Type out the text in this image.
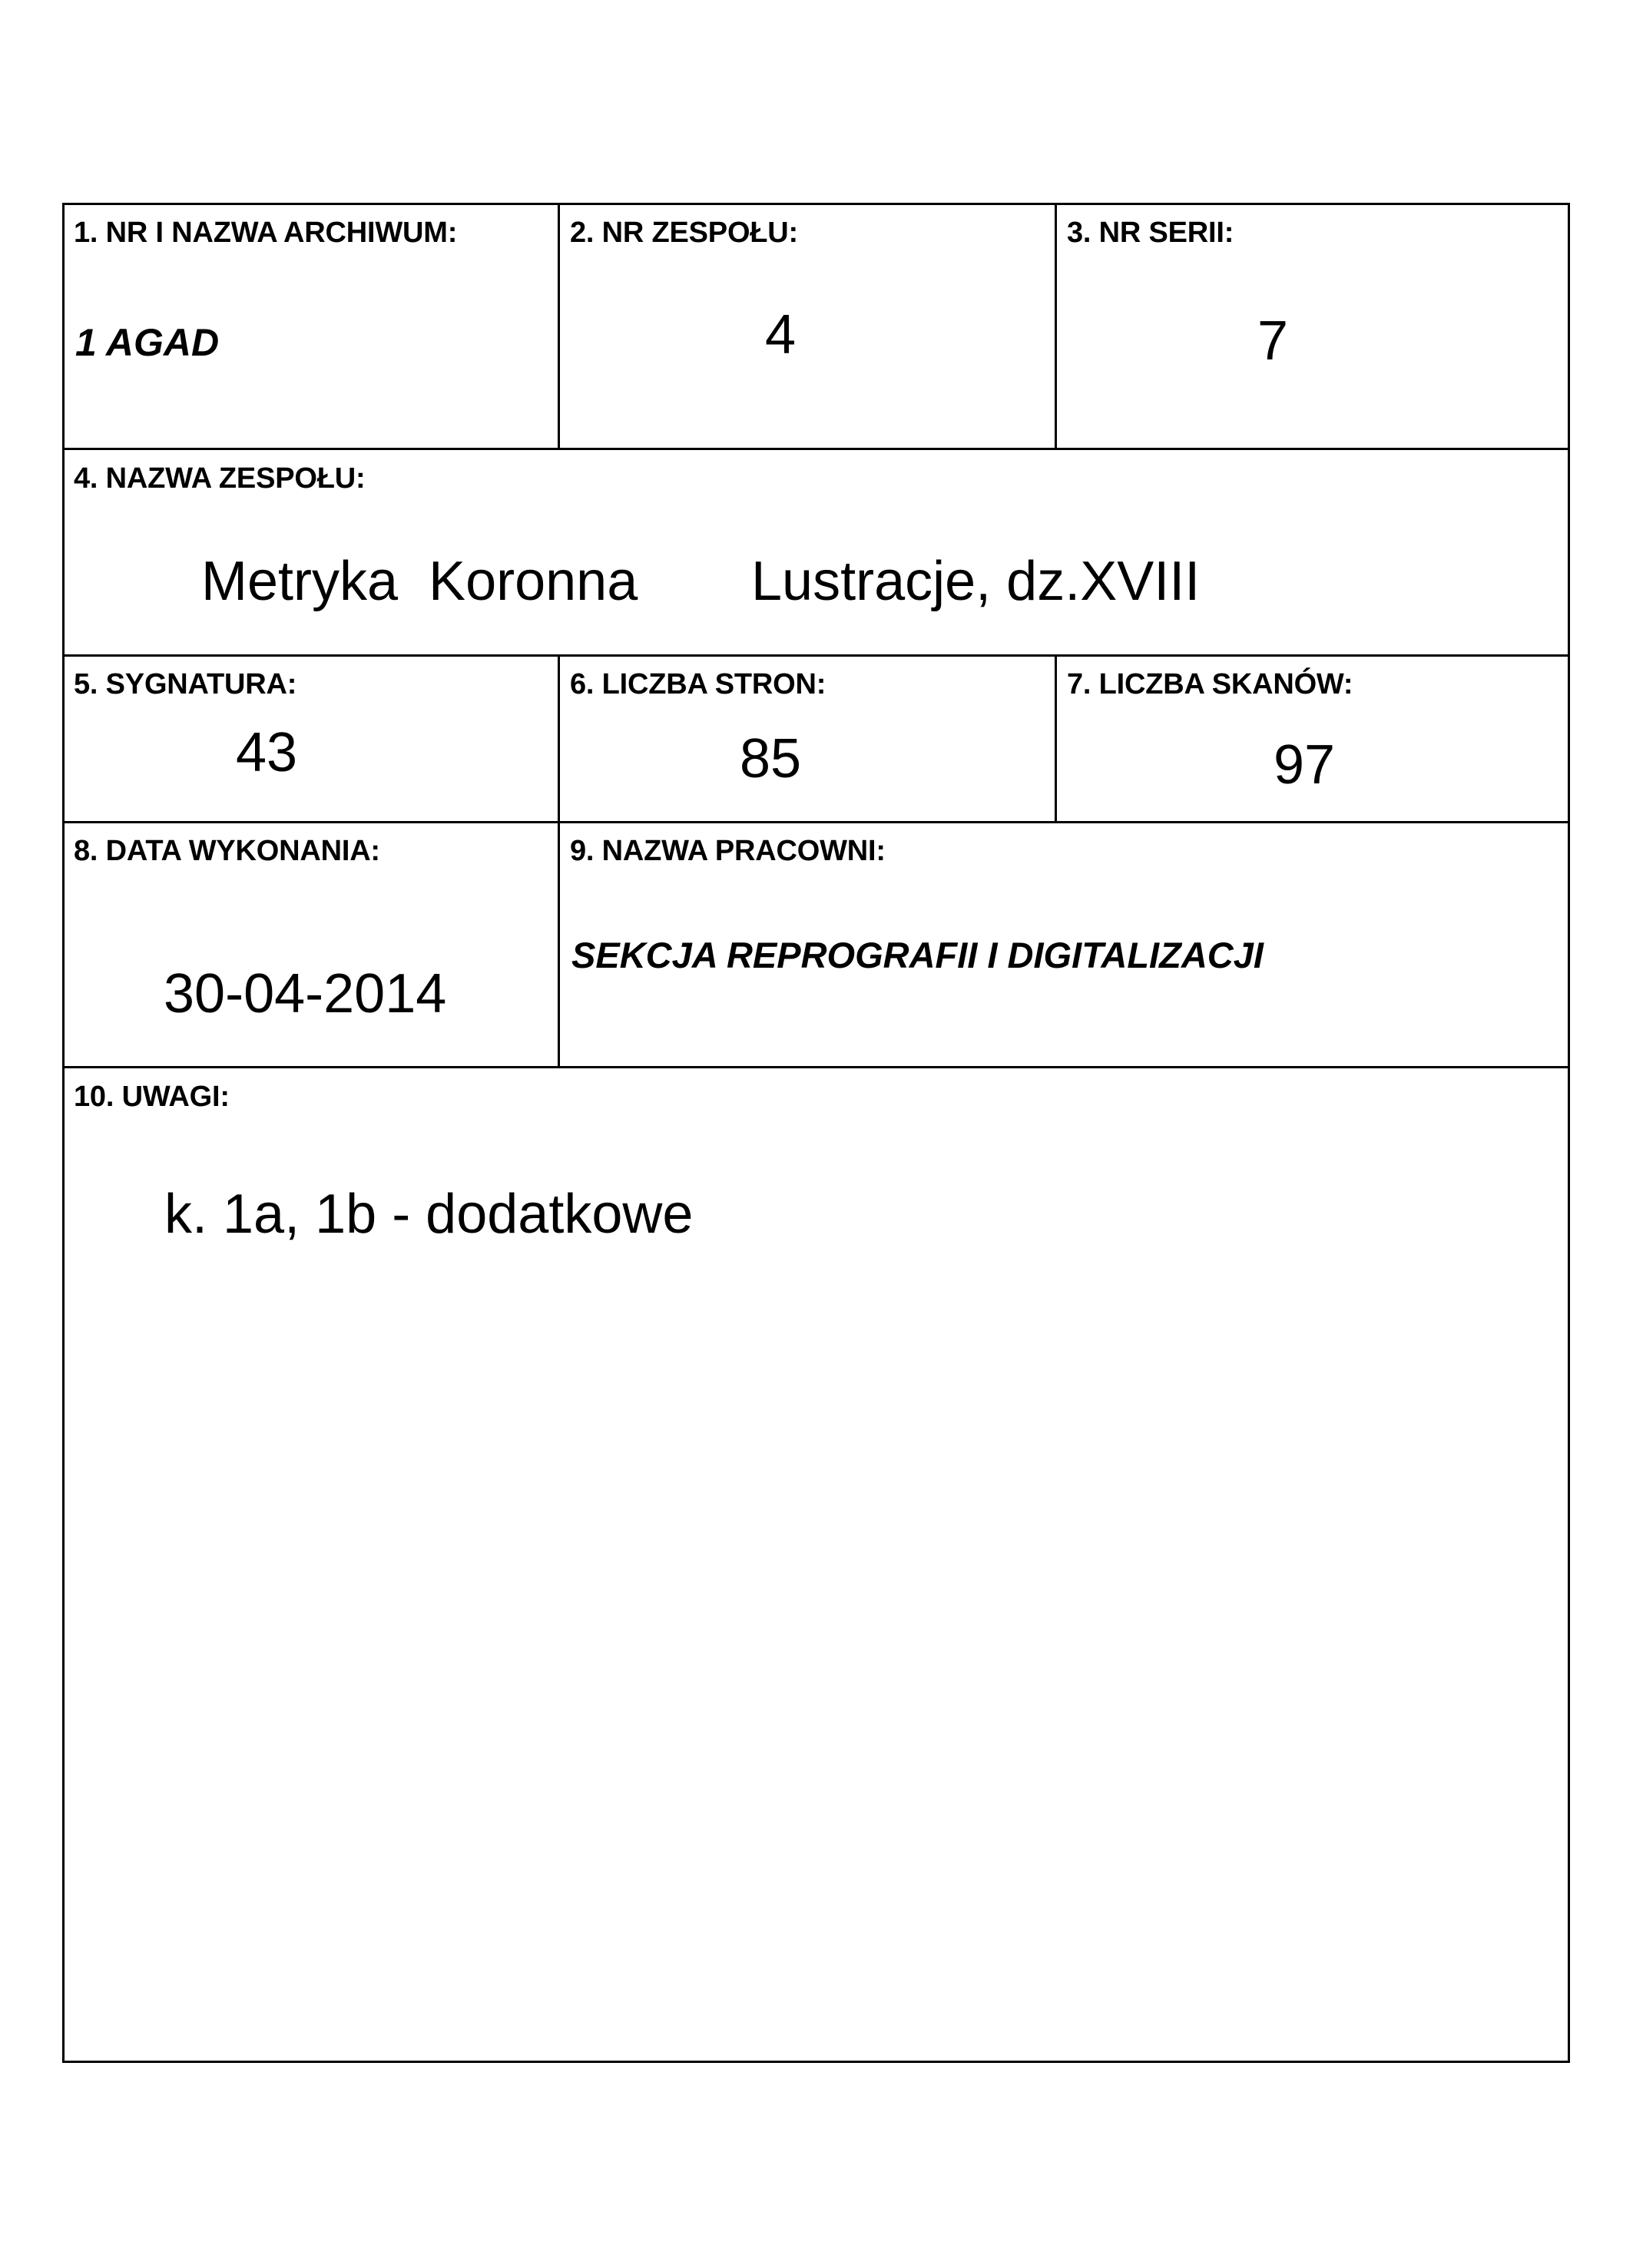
1. NR I NAZWA ARCHIWUM:
1 AGAD
2. NR ZESPOŁU:
4
3. NR SERII:
7
4. NAZWA ZESPOŁU:
Metryka  Koronna Lustracje, dz.XVIII
5. SYGNATURA:
43
6. LICZBA STRON:
85
7. LICZBA SKANÓW:
97
8. DATA WYKONANIA:
30-04-2014
9. NAZWA PRACOWNI:
SEKCJA REPROGRAFII I DIGITALIZACJI
10. UWAGI:
k. 1a, 1b - dodatkowe
